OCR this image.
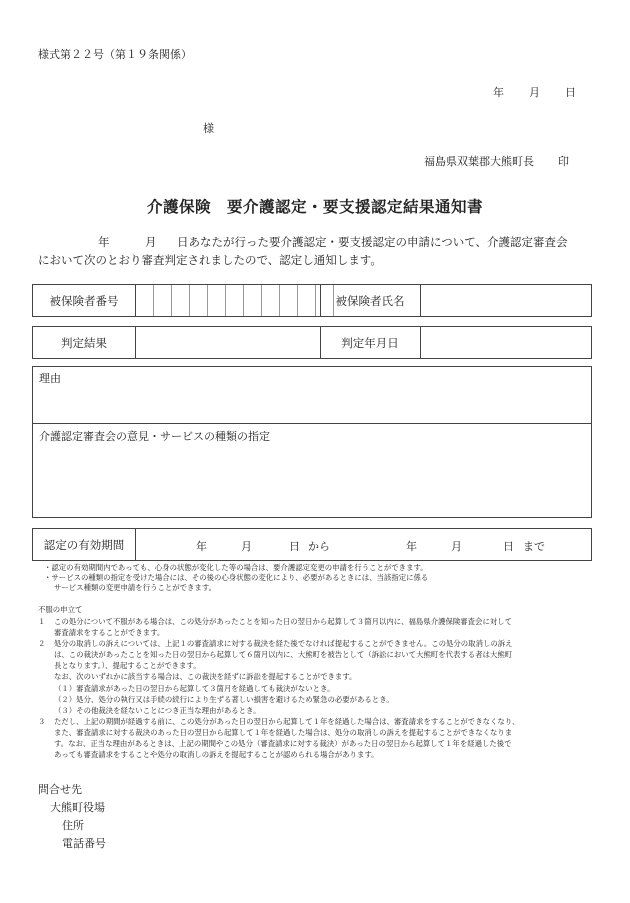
様式第２２号（第１９条関係）
年 月 日
様
福島県双葉郡大熊町長 印
介護保険　要介護認定・要支援認定結果通知書
年	月 日あなたが行った要介護認定・要支援認定の申請について、介護認定審査会
において次のとおり審査判定されましたので、認定し通知します。
被保険者番号	被保険者氏名
判定結果	判定年月日
理由
介護認定審査会の意見・サービスの種類の指定
認定の有効期間	年	月	日 から	年	月	日 まで
・認定の有効期間内であっても、心身の状態が変化した等の場合は、要介護認定変更の申請を行うことができます。
・サービスの種類の指定を受けた場合には、その後の心身状態の変化により、必要があるときには、当該指定に係る
サービス種類の変更申請を行うことができます。
不服の申立て
１ この処分について不服がある場合は、この処分があったことを知った日の翌日から起算して３箇月以内に、福島県介護保険審査会に対して
審査請求をすることができます。
２ 処分の取消しの訴えについては、上記１の審査請求に対する裁決を経た後でなければ提起することができません。この処分の取消しの訴え
は、この裁決があったことを知った日の翌日から起算して６箇月以内に、大熊町を被告として（訴訟において大熊町を代表する者は大熊町
長となります。）、提起することができます。
なお、次のいずれかに該当する場合は、この裁決を経ずに訴訟を提起することができます。
（１）審査請求があった日の翌日から起算して３箇月を経過しても裁決がないとき。
（２）処分、処分の執行又は手続の続行により生ずる著しい損害を避けるため緊急の必要があるとき。
（３）その他裁決を経ないことにつき正当な理由があるとき。
３ ただし、上記の期間が経過する前に、この処分があった日の翌日から起算して１年を経過した場合は、審査請求をすることができなくなり、
また、審査請求に対する裁決のあった日の翌日から起算して１年を経過した場合は、処分の取消しの訴えを提起することができなくなりま
す。なお、正当な理由があるときは、上記の期間やこの処分（審査請求に対する裁決）があった日の翌日から起算して１年を経過した後で
あっても審査請求をすることや処分の取消しの訴えを提起することが認められる場合があります。
問合せ先
大熊町役場
住所
電話番号
